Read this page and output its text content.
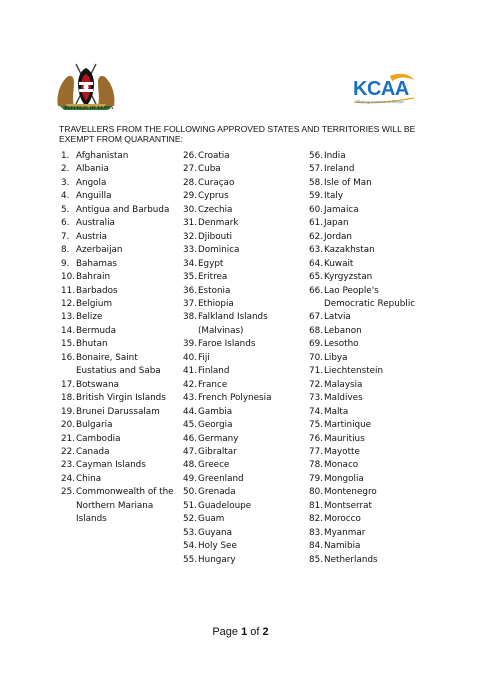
REPUBLIC OF KENYA
KCAA
Making aviation in Kenya
TRAVELLERS FROM THE FOLLOWING APPROVED STATES AND TERRITORIES WILL BE EXEMPT FROM QUARANTINE:
1. Afghanistan
2. Albania
3. Angola
4. Anguilla
5. Antigua and Barbuda
6. Australia
7. Austria
8. Azerbaijan
9. Bahamas
10. Bahrain
11. Barbados
12. Belgium
13. Belize
14. Bermuda
15. Bhutan
16. Bonaire, Saint Eustatius and Saba
17. Botswana
18. British Virgin Islands
19. Brunei Darussalam
20. Bulgaria
21. Cambodia
22. Canada
23. Cayman Islands
24. China
25. Commonwealth of the Northern Mariana Islands
26. Croatia
27. Cuba
28. Curaçao
29. Cyprus
30. Czechia
31. Denmark
32. Djibouti
33. Dominica
34. Egypt
35. Eritrea
36. Estonia
37. Ethiopia
38. Falkland Islands (Malvinas)
39. Faroe Islands
40. Fiji
41. Finland
42. France
43. French Polynesia
44. Gambia
45. Georgia
46. Germany
47. Gibraltar
48. Greece
49. Greenland
50. Grenada
51. Guadeloupe
52. Guam
53. Guyana
54. Holy See
55. Hungary
56. India
57. Ireland
58. Isle of Man
59. Italy
60. Jamaica
61. Japan
62. Jordan
63. Kazakhstan
64. Kuwait
65. Kyrgyzstan
66. Lao People's Democratic Republic
67. Latvia
68. Lebanon
69. Lesotho
70. Libya
71. Liechtenstein
72. Malaysia
73. Maldives
74. Malta
75. Martinique
76. Mauritius
77. Mayotte
78. Monaco
79. Mongolia
80. Montenegro
81. Montserrat
82. Morocco
83. Myanmar
84. Namibia
85. Netherlands
Page 1 of 2
